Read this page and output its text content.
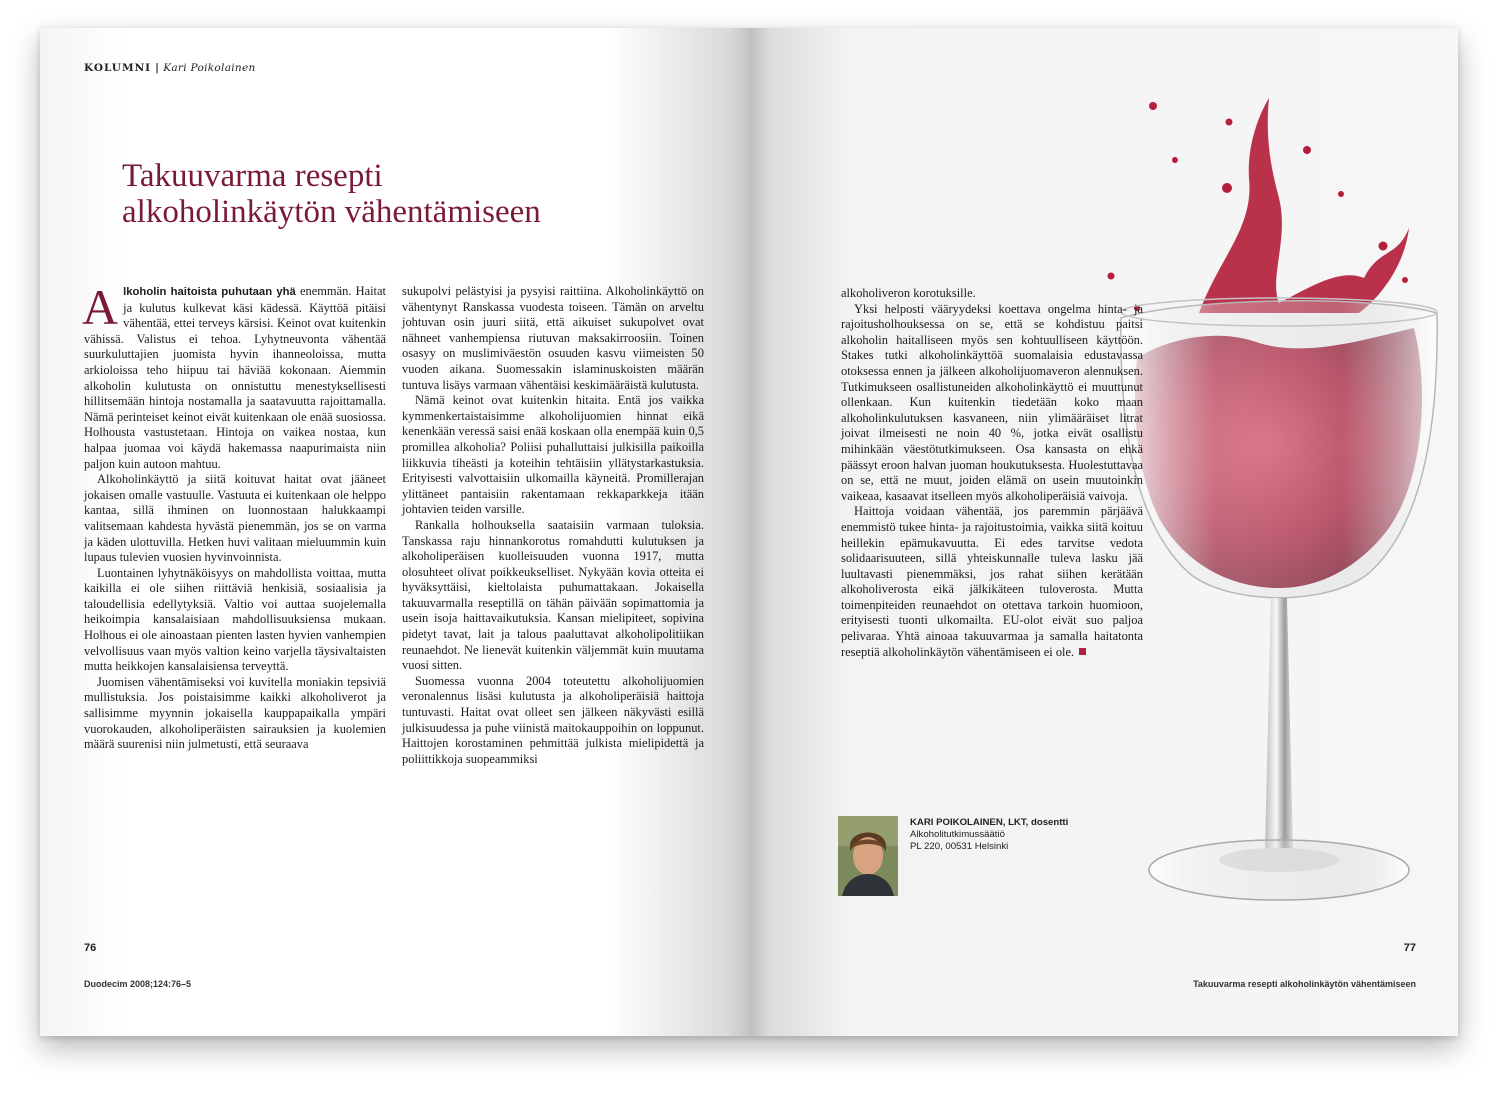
KOLUMNI | Kari Poikolainen
Takuuvarma resepti
alkoholinkäytön vähentämiseen

Alkoholin haitoista puhutaan yhä enemmän. Haitat ja kulutus kulkevat käsi kädessä. Käyttöä pitäisi vähentää, ettei terveys kärsisi. Keinot ovat kuitenkin vähissä. Valistus ei tehoa. Lyhytneuvonta vähentää suurkuluttajien juomista hyvin ihanneoloissa, mutta arkioloissa teho hiipuu tai häviää kokonaan. Aiemmin alkoholin kulutusta on onnistuttu menestyksellisesti hillitsemään hintoja nostamalla ja saatavuutta rajoittamalla. Nämä perinteiset keinot eivät kuitenkaan ole enää suosiossa. Holhousta vastustetaan. Hintoja on vaikea nostaa, kun halpaa juomaa voi käydä hakemassa naapurimaista niin paljon kuin autoon mahtuu.

Alkoholinkäyttö ja siitä koituvat haitat ovat jääneet jokaisen omalle vastuulle. Vastuuta ei kuitenkaan ole helppo kantaa, sillä ihminen on luonnostaan halukkaampi valitsemaan kahdesta hyvästä pienemmän, jos se on varma ja käden ulottuvilla. Hetken huvi valitaan mieluummin kuin lupaus tulevien vuosien hyvinvoinnista.

Luontainen lyhytnäköisyys on mahdollista voittaa, mutta kaikilla ei ole siihen riittäviä henkisiä, sosiaalisia ja taloudellisia edellytyksiä. Valtio voi auttaa suojelemalla heikoimpia kansalaisiaan mahdollisuuksiensa mukaan. Holhous ei ole ainoastaan pienten lasten hyvien vanhempien velvollisuus vaan myös valtion keino varjella täysivaltaisten mutta heikkojen kansalaisiensa terveyttä.

Juomisen vähentämiseksi voi kuvitella moniakin tepsiviä mullistuksia. Jos poistaisimme kaikki alkoholiverot ja sallisimme myynnin jokaisella kauppapaikalla ympäri vuorokauden, alkoholiperäisten sairauksien ja kuolemien määrä suurenisi niin julmetusti, että seuraava

sukupolvi pelästyisi ja pysyisi raittiina. Alkoholinkäyttö on vähentynyt Ranskassa vuodesta toiseen. Tämän on arveltu johtuvan osin juuri siitä, että aikuiset sukupolvet ovat nähneet vanhempiensa riutuvan maksakirroosiin. Toinen osasyy on muslimiväestön osuuden kasvu viimeisten 50 vuoden aikana. Suomessakin islaminuskoisten määrän tuntuva lisäys varmaan vähentäisi keskimääräistä kulutusta.

Nämä keinot ovat kuitenkin hitaita. Entä jos vaikka kymmenkertaistaisimme alkoholijuomien hinnat eikä kenenkään veressä saisi enää koskaan olla enempää kuin 0,5 promillea alkoholia? Poliisi puhalluttaisi julkisilla paikoilla liikkuvia tiheästi ja koteihin tehtäisiin yllätystarkastuksia. Erityisesti valvottaisiin ulkomailla käyneitä. Promillerajan ylittäneet pantaisiin rakentamaan rekkaparkkeja itään johtavien teiden varsille.

Rankalla holhouksella saataisiin varmaan tuloksia. Tanskassa raju hinnankorotus romahdutti kulutuksen ja alkoholiperäisen kuolleisuuden vuonna 1917, mutta olosuhteet olivat poikkeukselliset. Nykyään kovia otteita ei hyväksyttäisi, kieltolaista puhumattakaan. Jokaisella takuuvarmalla reseptillä on tähän päivään sopimattomia ja usein isoja haittavaikutuksia. Kansan mielipiteet, sopivina pidetyt tavat, lait ja talous paaluttavat alkoholipolitiikan reunaehdot. Ne lienevät kuitenkin väljemmät kuin muutama vuosi sitten.

Suomessa vuonna 2004 toteutettu alkoholijuomien veronalennus lisäsi kulutusta ja alkoholiperäisiä haittoja tuntuvasti. Haitat ovat olleet sen jälkeen näkyvästi esillä julkisuudessa ja puhe viinistä maitokauppoihin on loppunut. Haittojen korostaminen pehmittää julkista mielipidettä ja poliittikkoja suopeammiksi

76
Duodecim 2008;124:76–5

alkoholiveron korotuksille.

Yksi helposti vääryydeksi koettava ongelma hinta- ja rajoitusholhouksessa on se, että se kohdistuu paitsi alkoholin haitalliseen myös sen kohtuulliseen käyttöön. Stakes tutki alkoholinkäyttöä suomalaisia edustavassa otoksessa ennen ja jälkeen alkoholijuomaveron alennuksen. Tutkimukseen osallistuneiden alkoholinkäyttö ei muuttunut ollenkaan. Kun kuitenkin tiedetään koko maan alkoholinkulutuksen kasvaneen, niin ylimääräiset litrat joivat ilmeisesti ne noin 40 %, jotka eivät osallistu mihinkään väestötutkimukseen. Osa kansasta on ehkä päässyt eroon halvan juoman houkutuksesta. Huolestuttavaa on se, että ne muut, joiden elämä on usein muutoinkin vaikeaa, kasaavat itselleen myös alkoholiperäisiä vaivoja.

Haittoja voidaan vähentää, jos paremmin pärjäävä enemmistö tukee hinta- ja rajoitustoimia, vaikka siitä koituu heillekin epämukavuutta. Ei edes tarvitse vedota solidaarisuuteen, sillä yhteiskunnalle tuleva lasku jää luultavasti pienemmäksi, jos rahat siihen kerätään alkoholiverosta eikä jälkikäteen tuloverosta. Mutta toimenpiteiden reunaehdot on otettava tarkoin huomioon, erityisesti tuonti ulkomailta. EU-olot eivät suo paljoa pelivaraa. Yhtä ainoaa takuuvarmaa ja samalla haitatonta reseptiä alkoholinkäytön vähentämiseen ei ole.

KARI POIKOLAINEN, LKT, dosentti
Alkoholitutkimussäätiö
PL 220, 00531 Helsinki
77
Takuuvarma resepti alkoholinkäytön vähentämiseen
